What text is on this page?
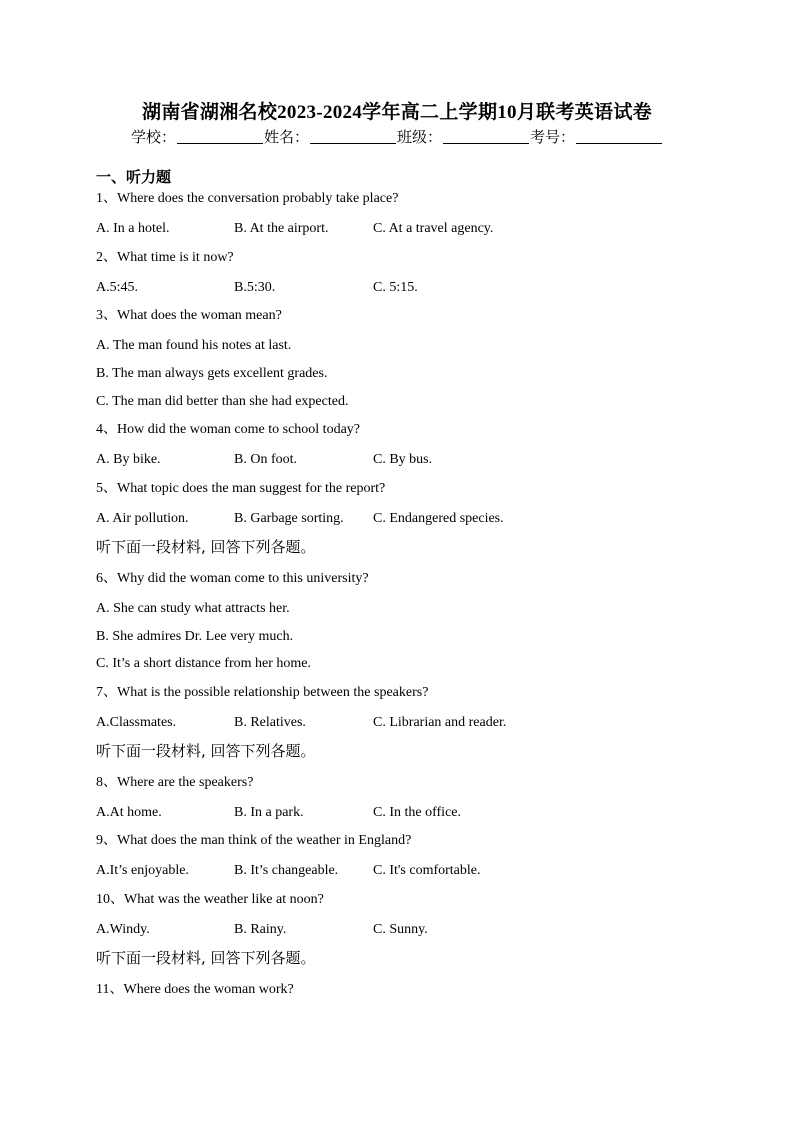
湖南省湖湘名校2023-2024学年高二上学期10月联考英语试卷
学校：	姓名：	班级：	考号：
一、听力题
1、Where does the conversation probably take place?
A. In a hotel.	B. At the airport.	C. At a travel agency.
2、What time is it now?
A.5:45.	B.5:30.	C. 5:15.
3、What does the woman mean?
A. The man found his notes at last.
B. The man always gets excellent grades.
C. The man did better than she had expected.
4、How did the woman come to school today?
A. By bike.	B. On foot.	C. By bus.
5、What topic does the man suggest for the report?
A. Air pollution.	B. Garbage sorting. C. Endangered species.
听下面一段材料, 回答下列各题。
6、Why did the woman come to this university?
A. She can study what attracts her.
B. She admires Dr. Lee very much.
C. It’s a short distance from her home.
7、What is the possible relationship between the speakers?
A.Classmates.	B. Relatives.	C. Librarian and reader.
听下面一段材料, 回答下列各题。
8、Where are the speakers?
A.At home.	B. In a park.	C. In the office.
9、What does the man think of the weather in England?
A.It’s enjoyable.	B. It’s changeable. C. It's comfortable.
10、What was the weather like at noon?
A.Windy.	B. Rainy.	C. Sunny.
听下面一段材料, 回答下列各题。
11、Where does the woman work?
